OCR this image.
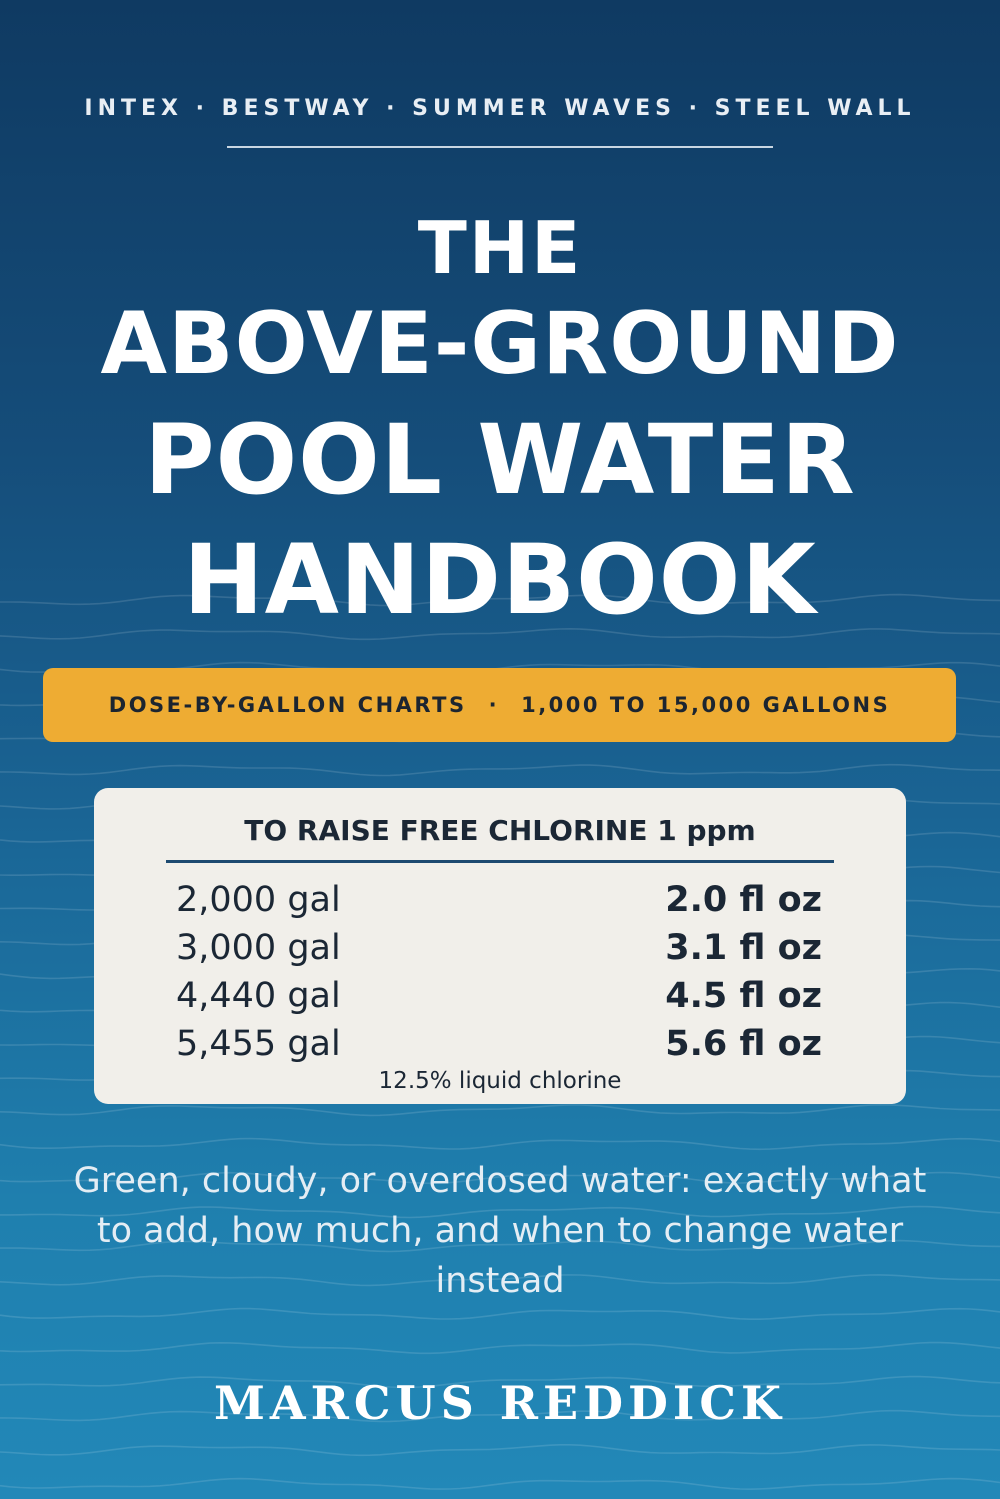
INTEX · BESTWAY · SUMMER WAVES · STEEL WALL
THE
ABOVE-GROUND
POOL WATER
HANDBOOK
DOSE-BY-GALLON CHARTS · 1,000 TO 15,000 GALLONS
TO RAISE FREE CHLORINE 1 ppm
2,000 gal	2.0 fl oz
3,000 gal	3.1 fl oz
4,440 gal	4.5 fl oz
5,455 gal	5.6 fl oz
12.5% liquid chlorine
Green, cloudy, or overdosed water: exactly what to add, how much, and when to change water instead
MARCUS REDDICK
